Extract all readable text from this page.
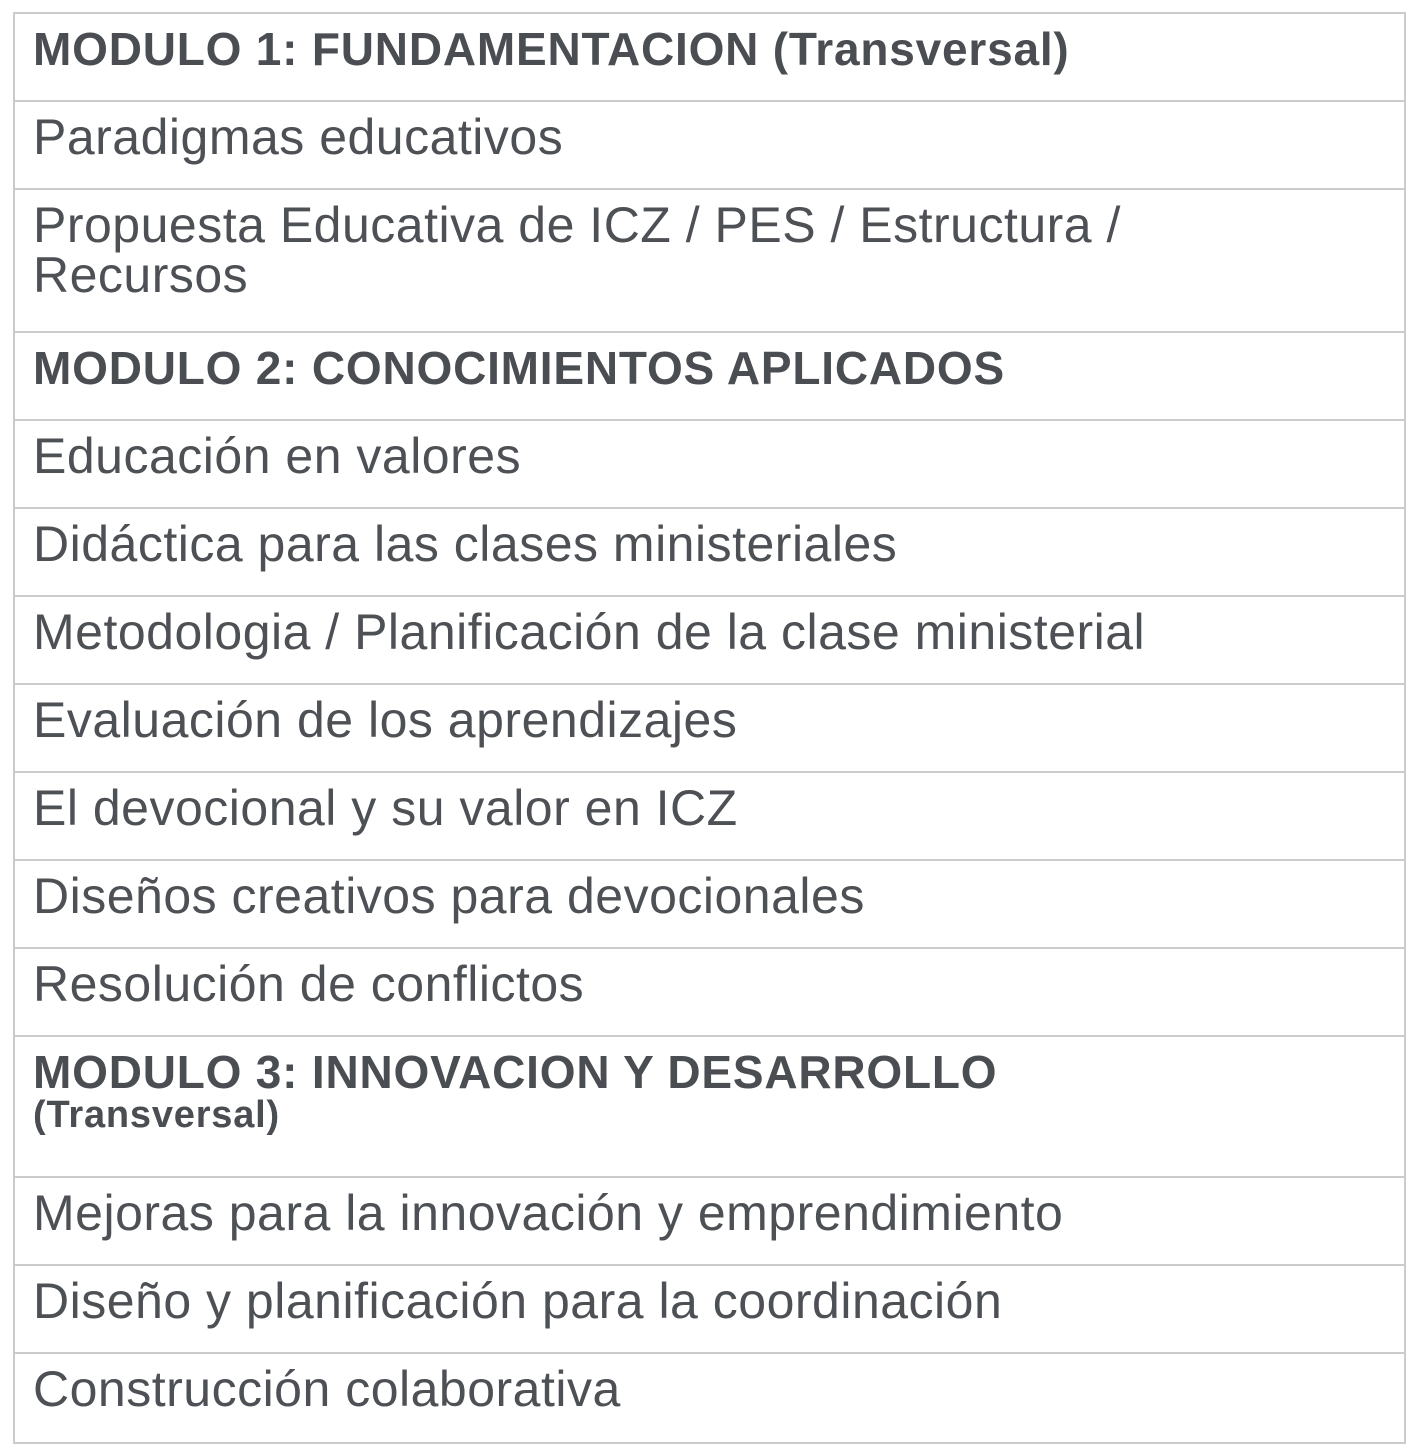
MODULO 1: FUNDAMENTACION (Transversal)
Paradigmas educativos
Propuesta Educativa de ICZ / PES / Estructura /
Recursos
MODULO 2: CONOCIMIENTOS APLICADOS
Educación en valores
Didáctica para las clases ministeriales
Metodologia / Planificación de la clase ministerial
Evaluación de los aprendizajes
El devocional y su valor en ICZ
Diseños creativos para devocionales
Resolución de conflictos
MODULO 3: INNOVACION Y DESARROLLO
(Transversal)
Mejoras para la innovación y emprendimiento
Diseño y planificación para la coordinación
Construcción colaborativa
